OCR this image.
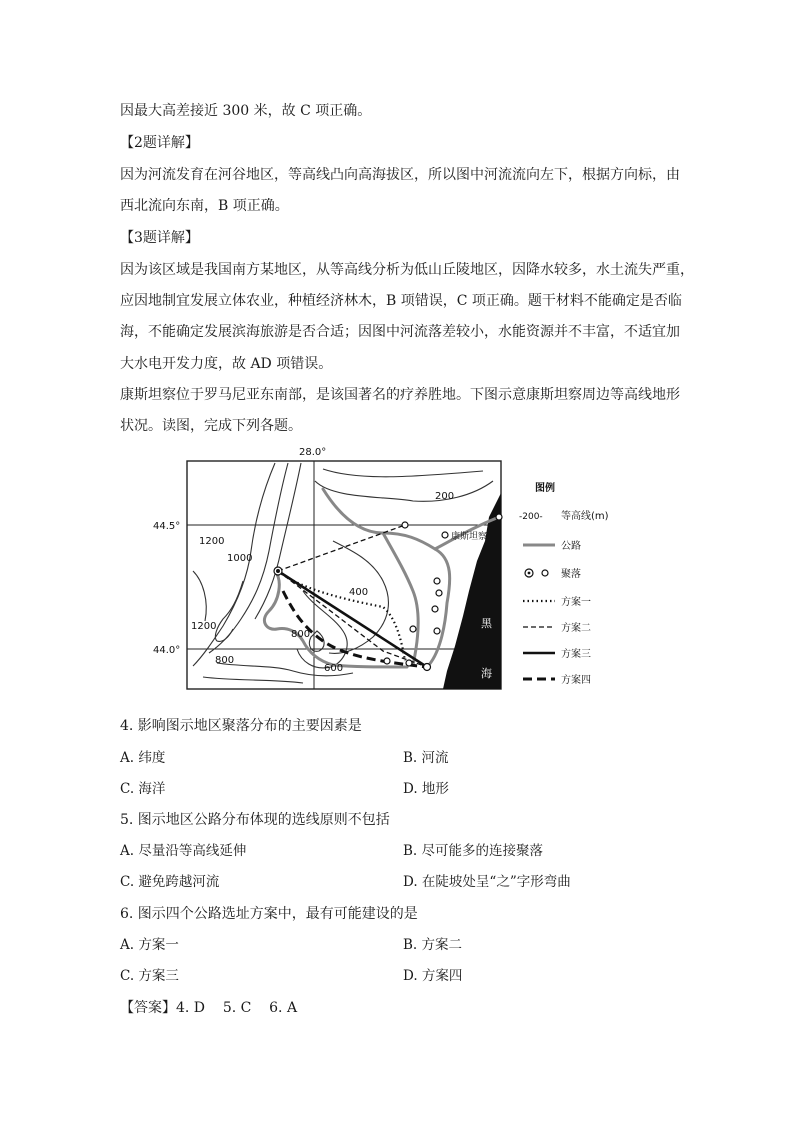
因最大高差接近 300 米，故 C 项正确。
【2题详解】
因为河流发育在河谷地区，等高线凸向高海拔区，所以图中河流流向左下，根据方向标，由
西北流向东南，B 项正确。
【3题详解】
因为该区域是我国南方某地区，从等高线分析为低山丘陵地区，因降水较多，水土流失严重，
应因地制宜发展立体农业，种植经济林木，B 项错误，C 项正确。题干材料不能确定是否临
海，不能确定发展滨海旅游是否合适；因图中河流落差较小，水能资源并不丰富，不适宜加
大水电开发力度，故 AD 项错误。
康斯坦察位于罗马尼亚东南部，是该国著名的疗养胜地。下图示意康斯坦察周边等高线地形
状况。读图，完成下列各题。
28.0°
44.5°
44.0°
200
1200
1000
400
1200
800
800
600
康斯坦察
黑
海
图例
-200- 等高线(m)
公路
聚落
方案一
方案二
方案三
方案四
4. 影响图示地区聚落分布的主要因素是
A. 纬度	B. 河流
C. 海洋	D. 地形
5. 图示地区公路分布体现的选线原则不包括
A. 尽量沿等高线延伸	B. 尽可能多的连接聚落
C. 避免跨越河流	D. 在陡坡处呈“之”字形弯曲
6. 图示四个公路选址方案中，最有可能建设的是
A. 方案一	B. 方案二
C. 方案三	D. 方案四
【答案】4. D    5. C    6. A
